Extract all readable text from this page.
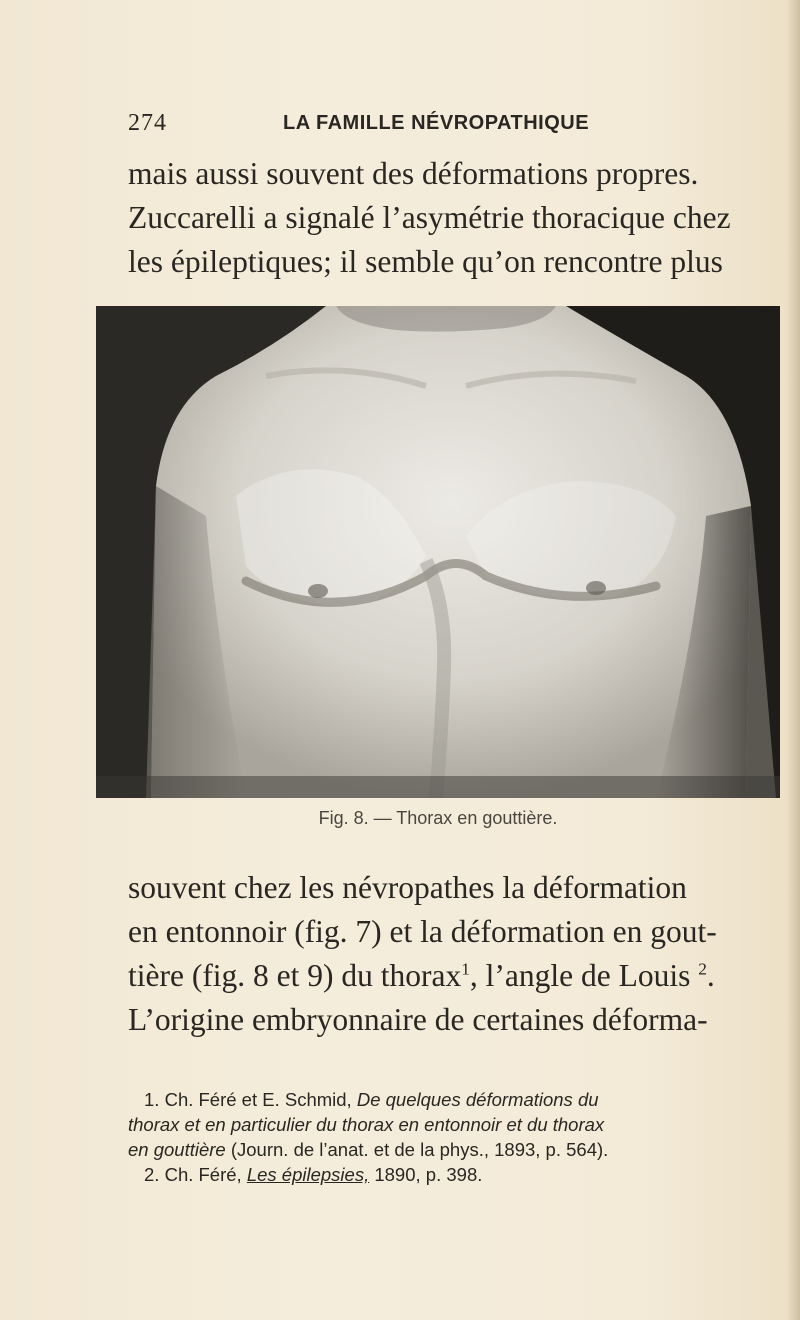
274	LA FAMILLE NÉVROPATHIQUE

mais aussi souvent des déformations propres.
Zuccarelli a signalé l’asymétrie thoracique chez
les épileptiques; il semble qu’on rencontre plus

Fig. 8. — Thorax en gouttière.

souvent chez les névropathes la déformation
en entonnoir (fig. 7) et la déformation en gout-
tière (fig. 8 et 9) du thorax$^1$, l’angle de Louis $^2$.
L’origine embryonnaire de certaines déforma-

1. Ch. Féré et E. Schmid, De quelques déformations du
thorax et en particulier du thorax en entonnoir et du thorax
en gouttière (Journ. de l’anat. et de la phys., 1893, p. 564).
2. Ch. Féré, Les épilepsies, 1890, p. 398.
